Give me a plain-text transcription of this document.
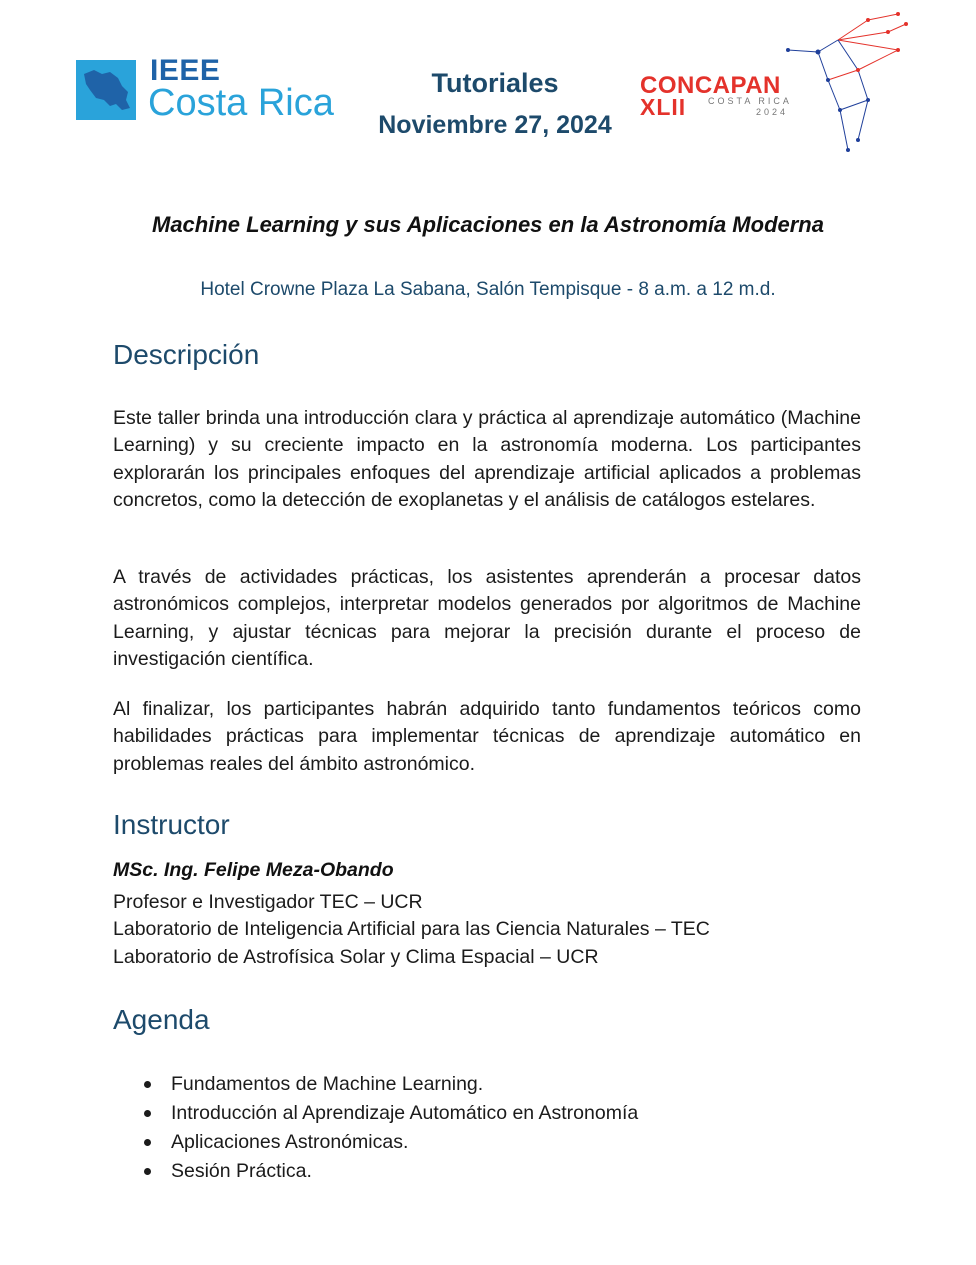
IEEE
Costa Rica	Tutoriales
Noviembre 27, 2024
CONCAPAN
XLII COSTA RICA
2024
Machine Learning y sus Aplicaciones en la Astronomía Moderna
Hotel Crowne Plaza La Sabana, Salón Tempisque - 8 a.m. a 12 m.d.
Descripción

Este taller brinda una introducción clara y práctica al aprendizaje automático (Machine Learning) y su creciente impacto en la astronomía moderna. Los participantes explorarán los principales enfoques del aprendizaje artificial aplicados a problemas concretos, como la detección de exoplanetas y el análisis de catálogos estelares.

A través de actividades prácticas, los asistentes aprenderán a procesar datos astronómicos complejos, interpretar modelos generados por algoritmos de Machine Learning, y ajustar técnicas para mejorar la precisión durante el proceso de investigación científica.

Al finalizar, los participantes habrán adquirido tanto fundamentos teóricos como habilidades prácticas para implementar técnicas de aprendizaje automático en problemas reales del ámbito astronómico.

Instructor
MSc. Ing. Felipe Meza-Obando
Profesor e Investigador TEC – UCR
Laboratorio de Inteligencia Artificial para las Ciencia Naturales – TEC
Laboratorio de Astrofísica Solar y Clima Espacial – UCR
Agenda
Fundamentos de Machine Learning.
Introducción al Aprendizaje Automático en Astronomía
Aplicaciones Astronómicas.
Sesión Práctica.
